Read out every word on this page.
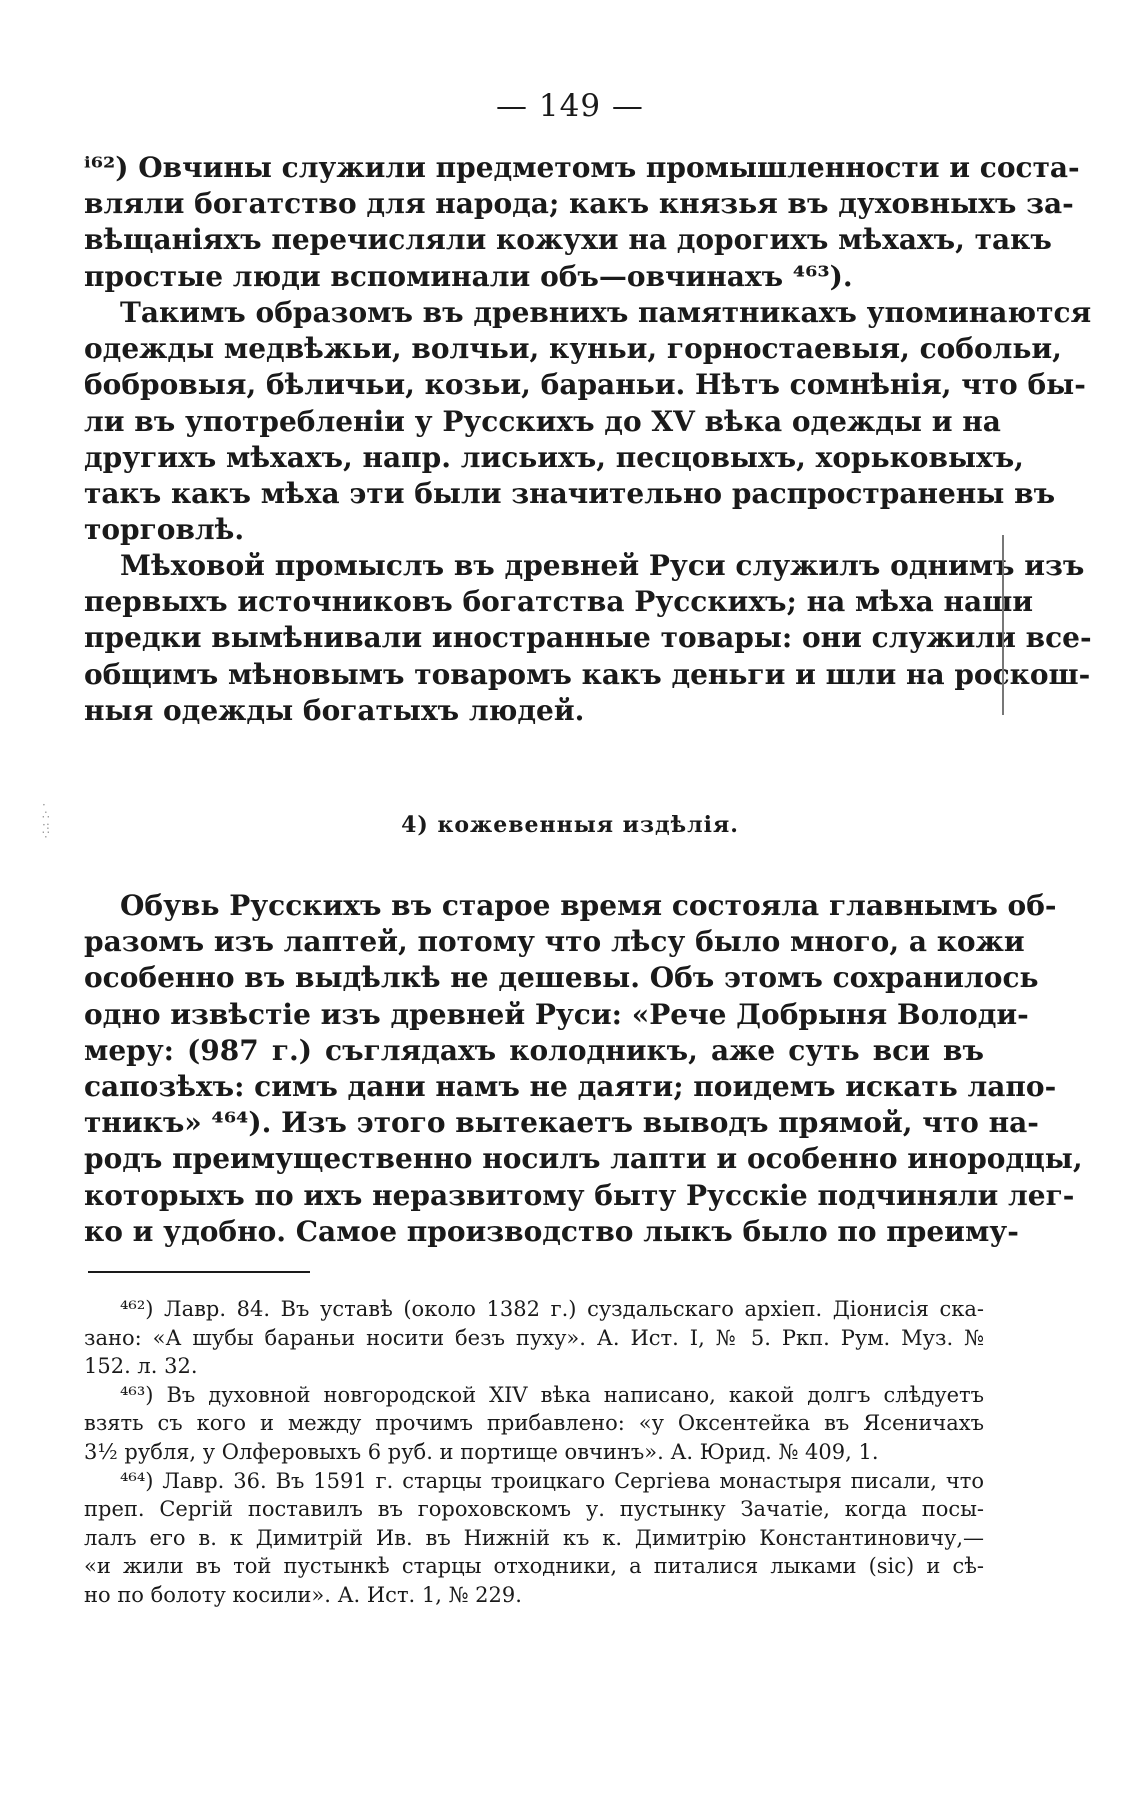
— 149 —
ⁱ⁶²) Овчины служили предметомъ промышленности и соста-
вляли богатство для народа; какъ князья въ духовныхъ за-
вѣщаніяхъ перечисляли кожухи на дорогихъ мѣхахъ, такъ
простые люди вспоминали объ—овчинахъ ⁴⁶³).
Такимъ образомъ въ древнихъ памятникахъ упоминаются
одежды медвѣжьи, волчьи, куньи, горностаевыя, собольи,
бобровыя, бѣличьи, козьи, бараньи. Нѣтъ сомнѣнія, что бы-
ли въ употребленіи у Русскихъ до XV вѣка одежды и на
другихъ мѣхахъ, напр. лисьихъ, песцовыхъ, хорьковыхъ,
такъ какъ мѣха эти были значительно распространены въ
торговлѣ.
Мѣховой промыслъ въ древней Руси служилъ однимъ изъ
первыхъ источниковъ богатства Русскихъ; на мѣха наши
предки вымѣнивали иностранные товары: они служили все-
общимъ мѣновымъ товаромъ какъ деньги и шли на роскош-
ныя одежды богатыхъ людей.
·
∴
·:
∵	4) кожевенныя издѣлія.
Обувь Русскихъ въ старое время состояла главнымъ об-
разомъ изъ лаптей, потому что лѣсу было много, а кожи
особенно въ выдѣлкѣ не дешевы. Объ этомъ сохранилось
одно извѣстіе изъ древней Руси: «Рече Добрыня Володи-
меру: (987 г.) съглядахъ колодникъ, аже суть вси въ
сапозѣхъ: симъ дани намъ не даяти; поидемъ искать лапо-
тникъ» ⁴⁶⁴). Изъ этого вытекаетъ выводъ прямой, что на-
родъ преимущественно носилъ лапти и особенно инородцы,
которыхъ по ихъ неразвитому быту Русскіе подчиняли лег-
ко и удобно. Самое производство лыкъ было по преиму-
⁴⁶²) Лавр. 84. Въ уставѣ (около 1382 г.) суздальскаго архіеп. Діонисія ска-
зано: «А шубы бараньи носити безъ пуху». А. Ист. I, № 5. Ркп. Рум. Муз. №
152. л. 32.
⁴⁶³) Въ духовной новгородской XIV вѣка написано, какой долгъ слѣдуетъ
взять съ кого и между прочимъ прибавлено: «у Оксентейка въ Ясеничахъ
3½ рубля, у Олферовыхъ 6 руб. и портище овчинъ». А. Юрид. № 409, 1.
⁴⁶⁴) Лавр. 36. Въ 1591 г. старцы троицкаго Сергіева монастыря писали, что
преп. Сергій поставилъ въ гороховскомъ у. пустынку Зачатіе, когда посы-
лалъ его в. к Димитрій Ив. въ Нижній къ к. Димитрію Константиновичу,—
«и жили въ той пустынкѣ старцы отходники, а питалися лыками (sic) и сѣ-
но по болоту косили». А. Ист. 1, № 229.
